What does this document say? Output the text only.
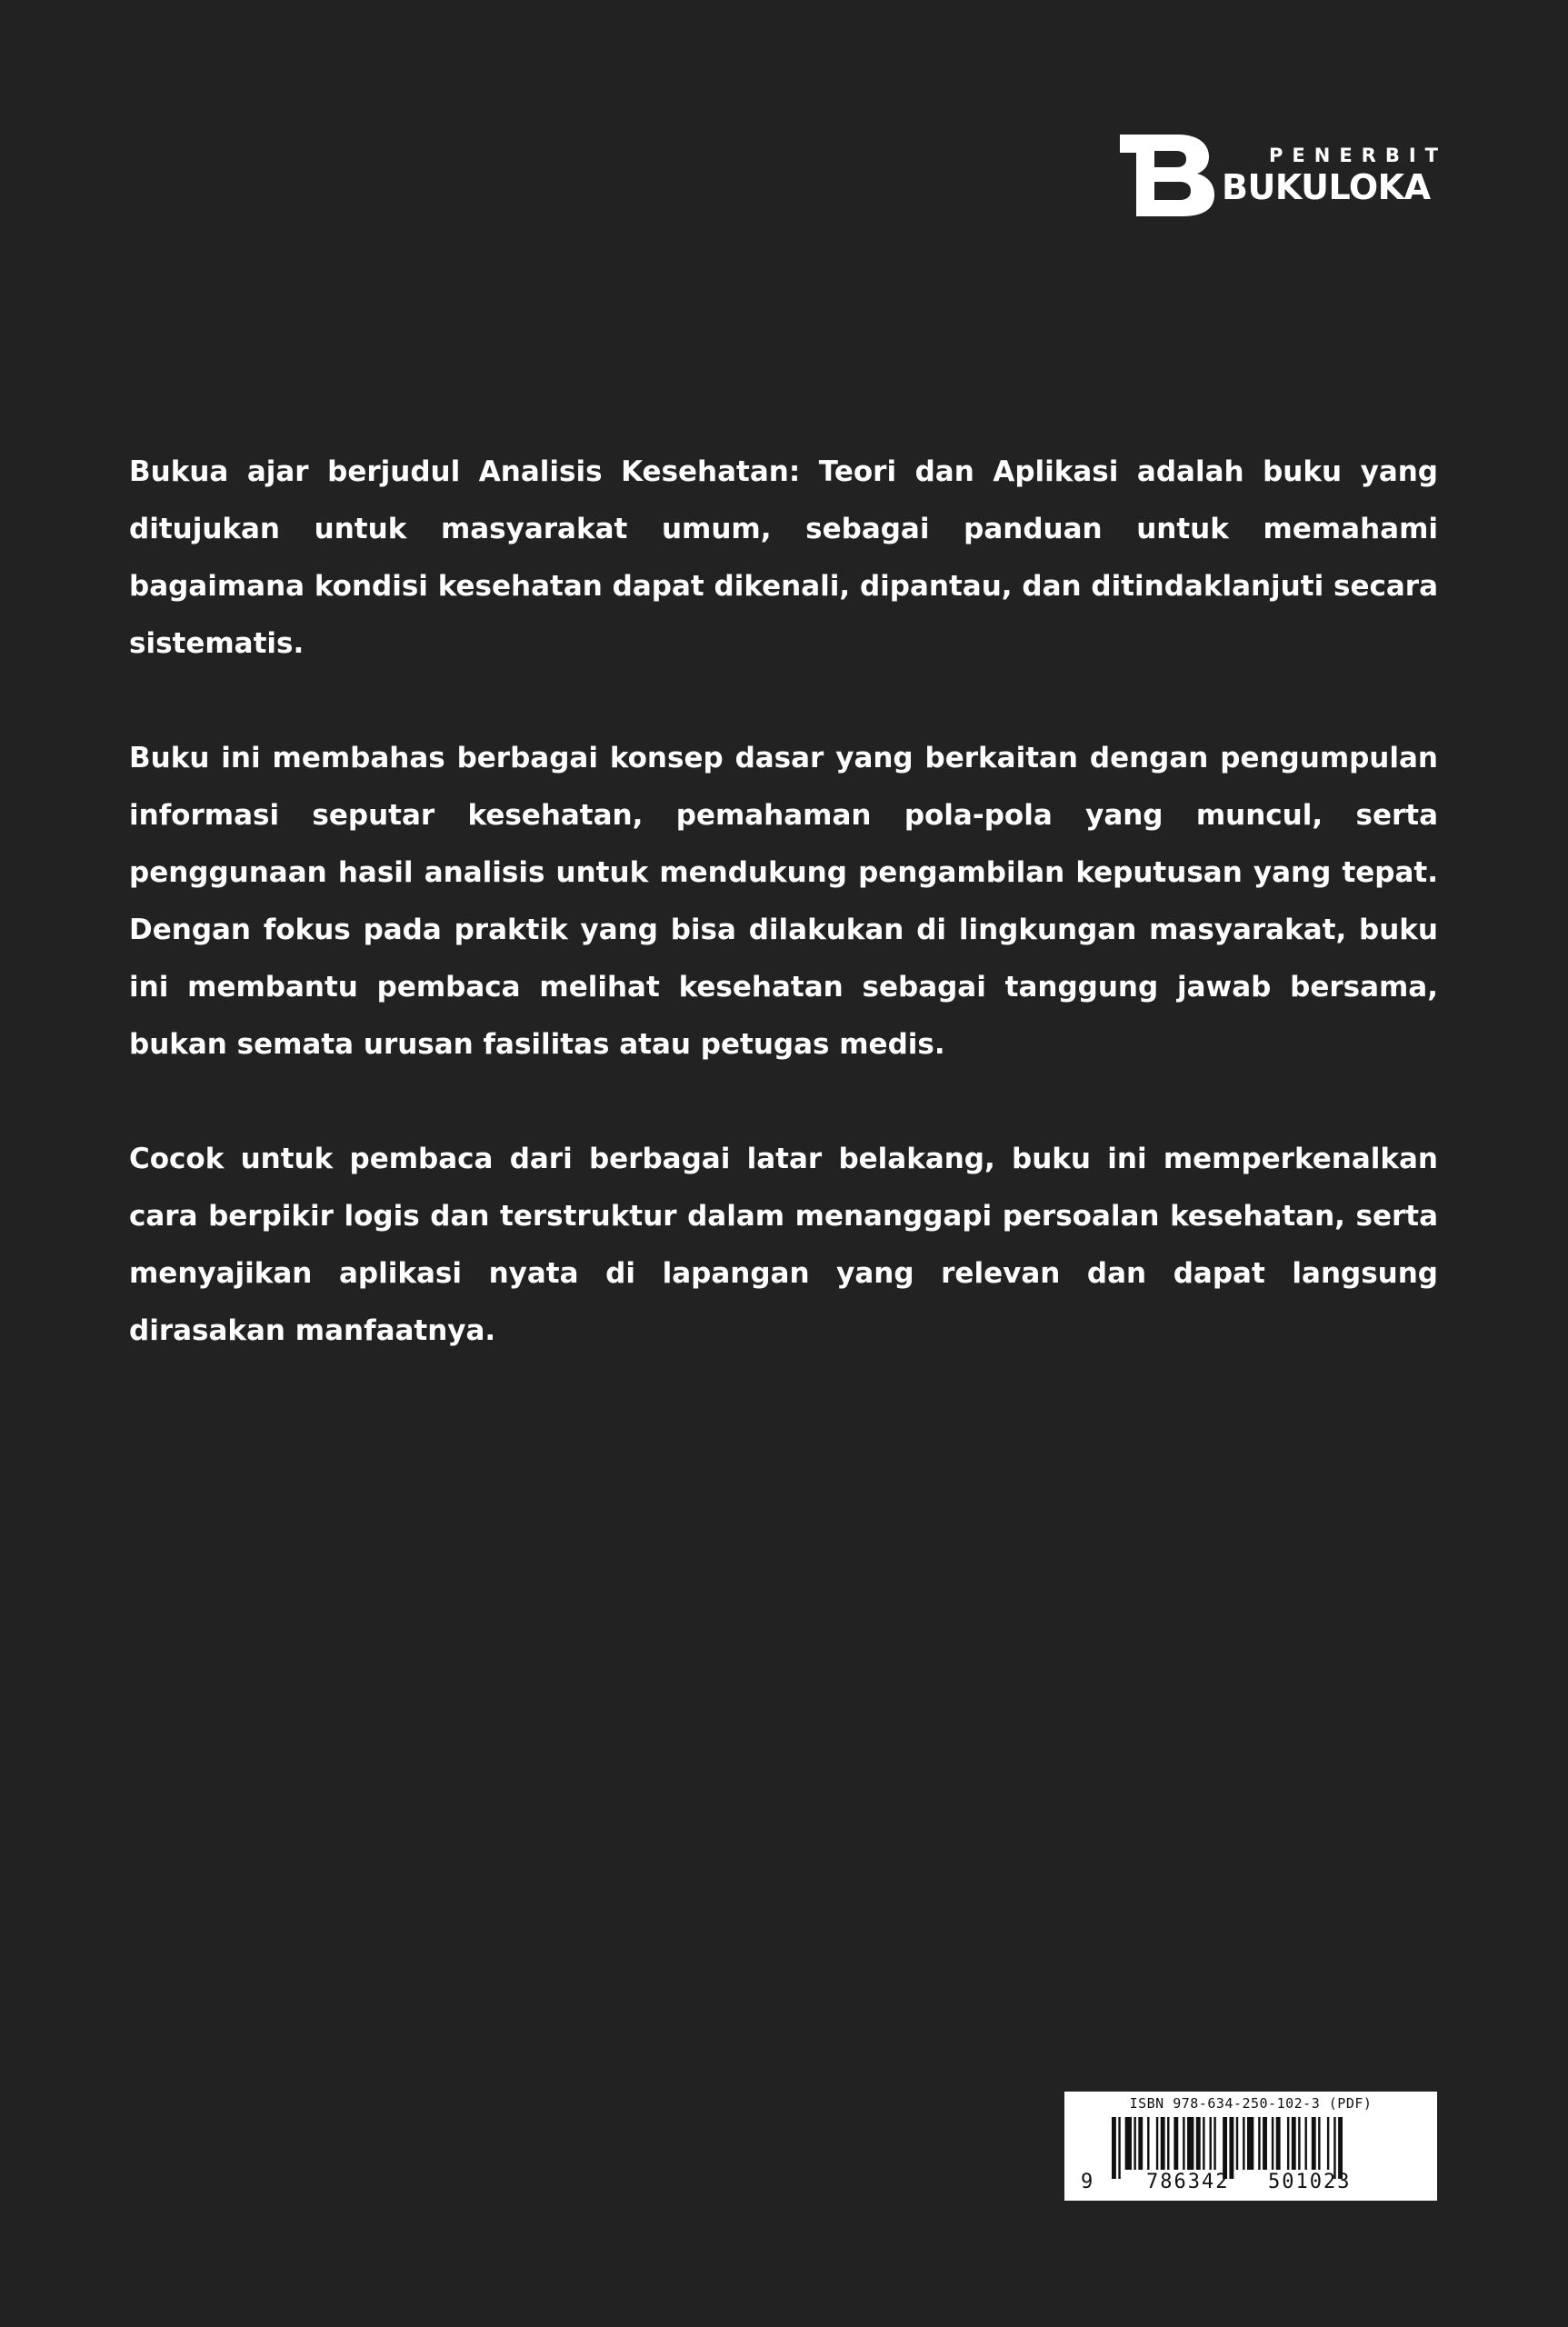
PENERBIT
BUKULOKA

Bukua ajar berjudul Analisis Kesehatan: Teori dan Aplikasi adalah buku yang ditujukan untuk masyarakat umum, sebagai panduan untuk memahami bagaimana kondisi kesehatan dapat dikenali, dipantau, dan ditindaklanjuti secara sistematis.

Buku ini membahas berbagai konsep dasar yang berkaitan dengan pengumpulan informasi seputar kesehatan, pemahaman pola-pola yang muncul, serta penggunaan hasil analisis untuk mendukung pengambilan keputusan yang tepat. Dengan fokus pada praktik yang bisa dilakukan di lingkungan masyarakat, buku ini membantu pembaca melihat kesehatan sebagai tanggung jawab bersama, bukan semata urusan fasilitas atau petugas medis.

Cocok untuk pembaca dari berbagai latar belakang, buku ini memperkenalkan cara berpikir logis dan terstruktur dalam menanggapi persoalan kesehatan, serta menyajikan aplikasi nyata di lapangan yang relevan dan dapat langsung dirasakan manfaatnya.

ISBN 978-634-250-102-3 (PDF)
9	786342 501023
